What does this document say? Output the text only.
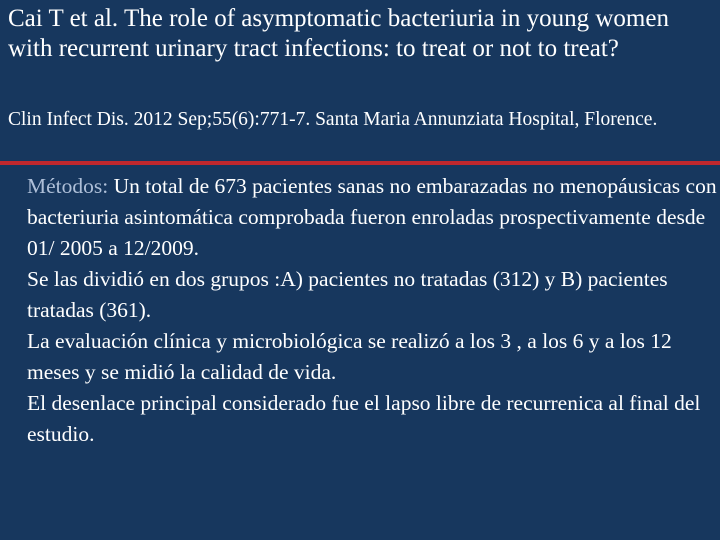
Cai T et al. The role of asymptomatic bacteriuria in young women with recurrent urinary tract infections: to treat or not to treat?

Clin Infect Dis. 2012 Sep;55(6):771-7. Santa Maria Annunziata Hospital, Florence.

Métodos: Un total de 673 pacientes sanas no embarazadas no menopáusicas con bacteriuria asintomática comprobada fueron enroladas prospectivamente desde 01/ 2005 a 12/2009.

Se las dividió en dos grupos :A) pacientes no tratadas (312) y B) pacientes tratadas (361).

La evaluación clínica y microbiológica se realizó a los 3 , a los 6 y a los 12 meses y se midió la calidad de vida.

El desenlace principal considerado fue el lapso libre de recurrenica al final del estudio.
